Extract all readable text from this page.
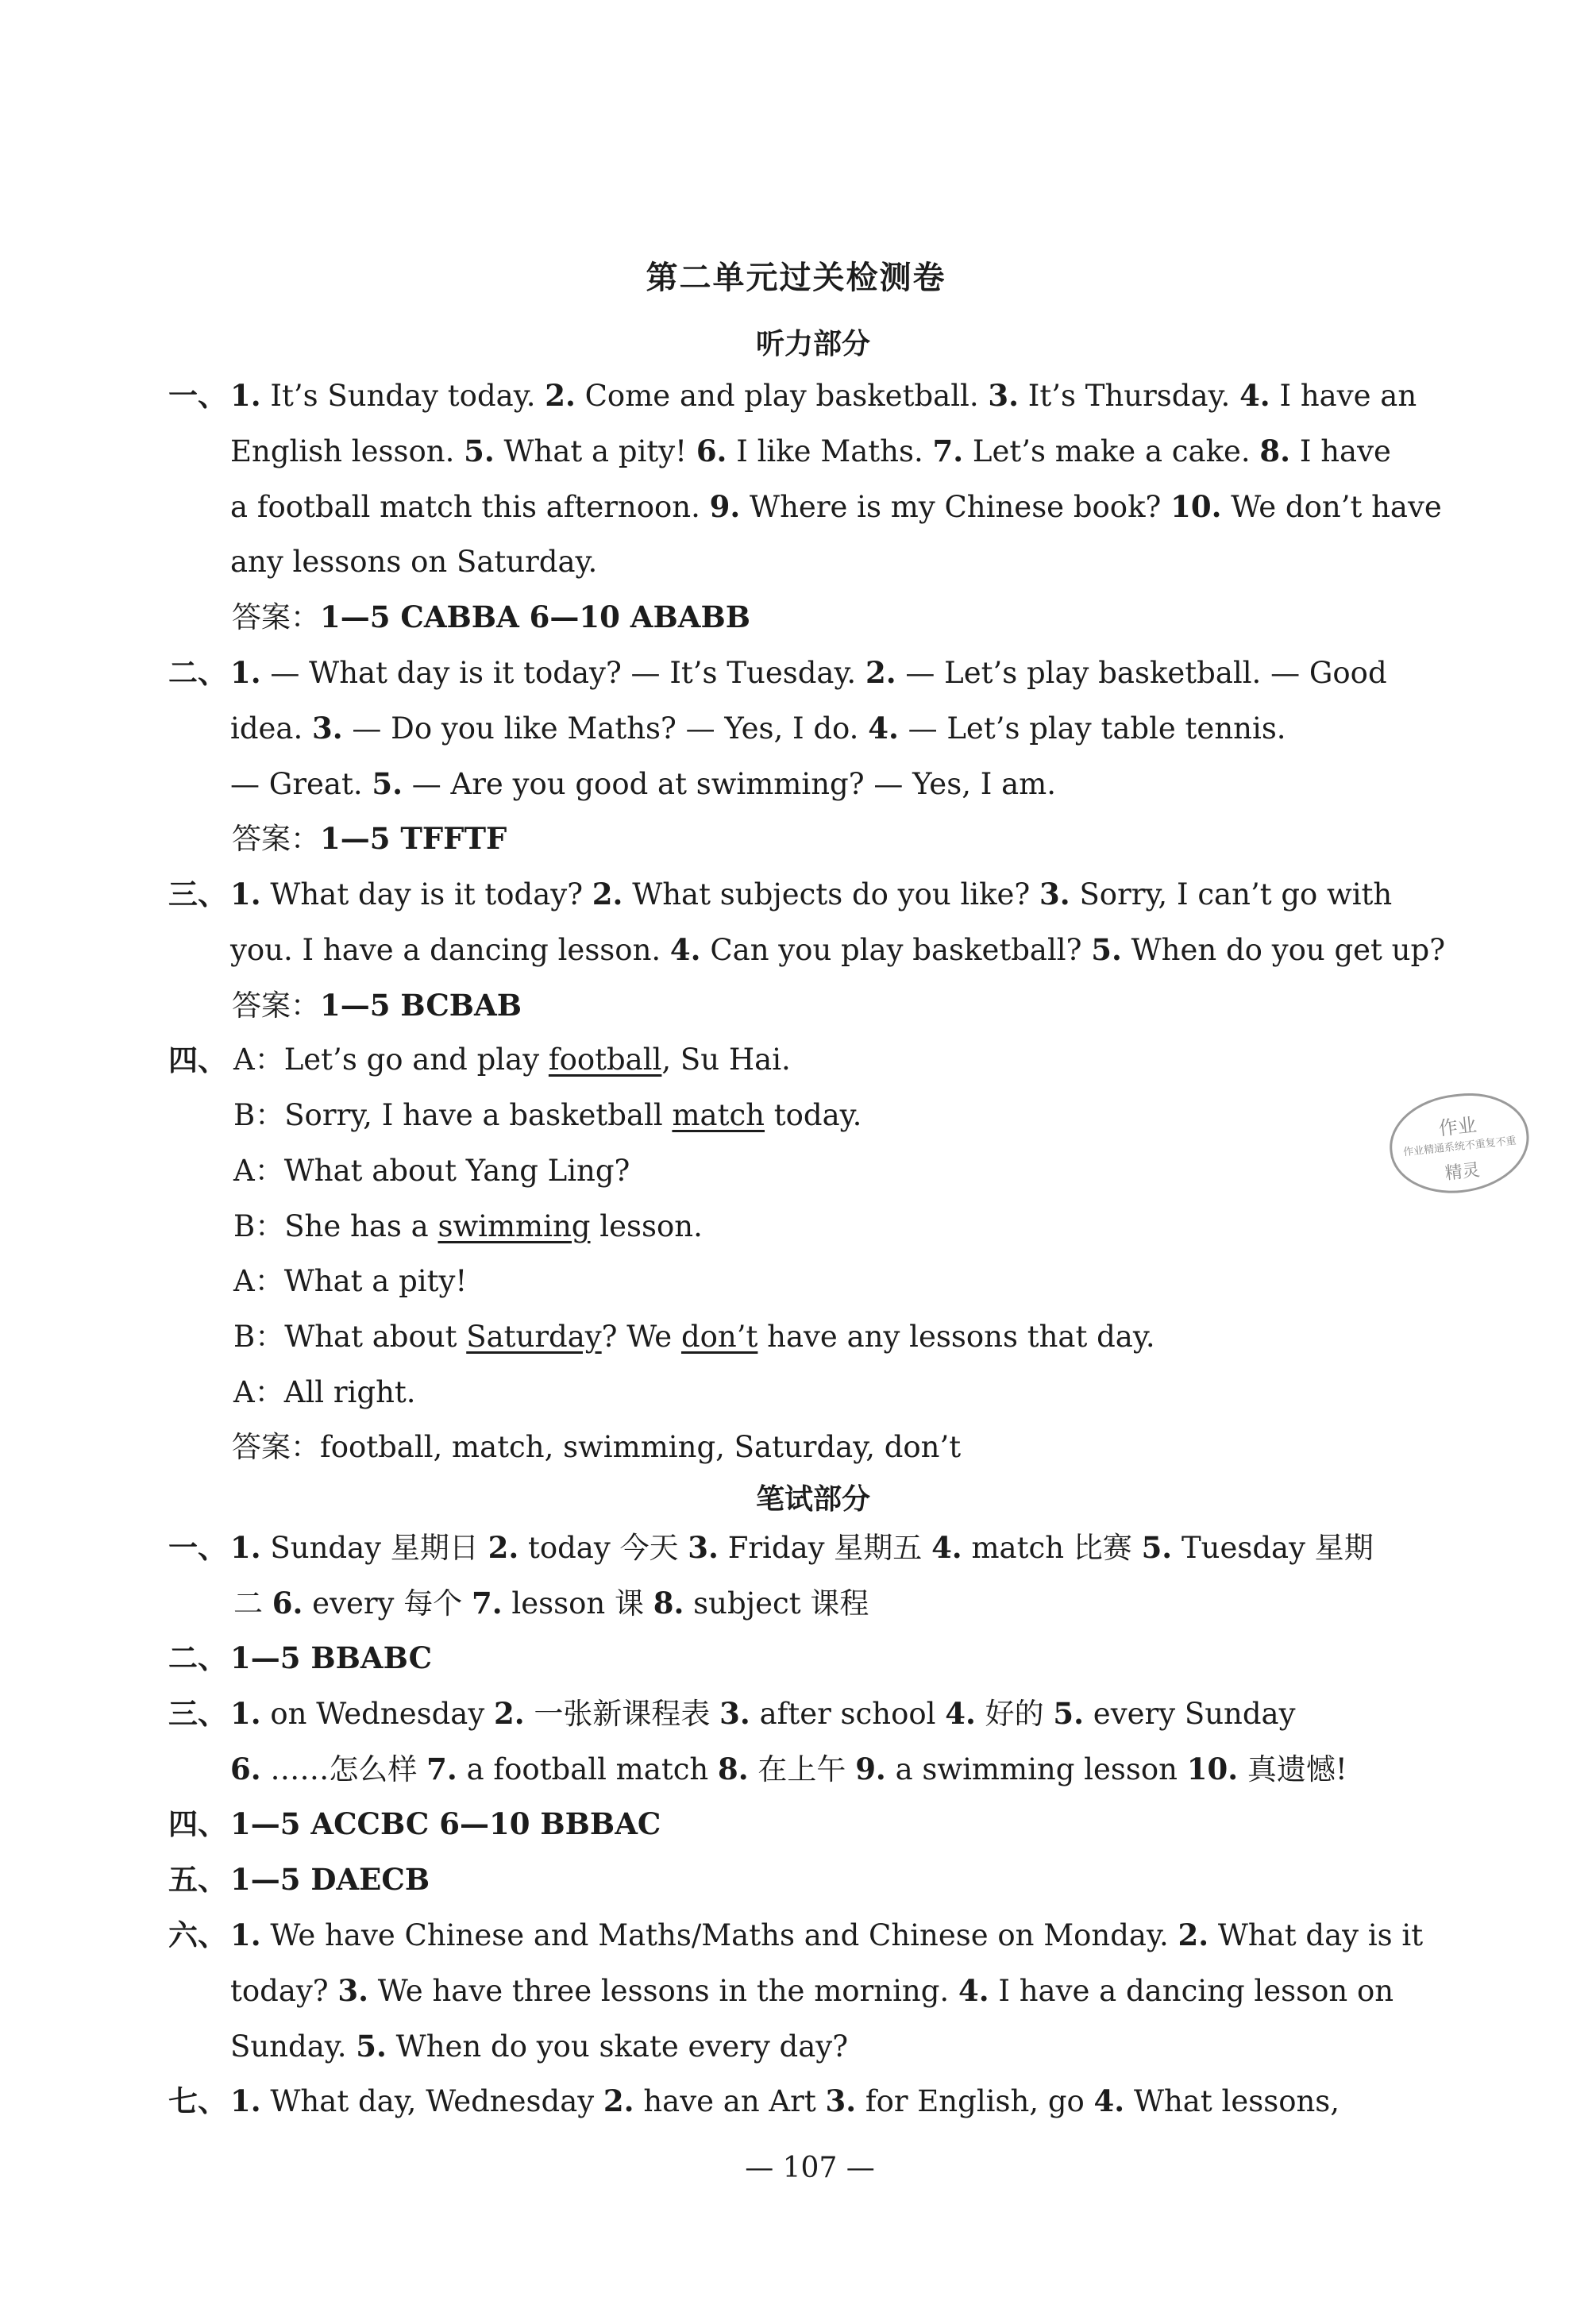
第二单元过关检测卷
听力部分
一、 1. It’s Sunday today. 2. Come and play basketball. 3. It’s Thursday. 4. I have an
English lesson. 5. What a pity! 6. I like Maths. 7. Let’s make a cake. 8. I have
a football match this afternoon. 9. Where is my Chinese book? 10. We don’t have
any lessons on Saturday.
答案：1—5 CABBA 6—10 ABABB
二、 1. — What day is it today? — It’s Tuesday. 2. — Let’s play basketball. — Good
idea. 3. — Do you like Maths? — Yes, I do. 4. — Let’s play table tennis.
— Great. 5. — Are you good at swimming? — Yes, I am.
答案：1—5 TFFTF
三、 1. What day is it today? 2. What subjects do you like? 3. Sorry, I can’t go with
you. I have a dancing lesson. 4. Can you play basketball? 5. When do you get up?
答案：1—5 BCBAB
四、 A：Let’s go and play football, Su Hai.
B：Sorry, I have a basketball match today.
A：What about Yang Ling?
B：She has a swimming lesson.
A：What a pity!
B：What about Saturday? We don’t have any lessons that day.
A：All right.
答案：football, match, swimming, Saturday, don’t
作业
作业精通系统不重复不重
精灵
笔试部分
一、 1. Sunday 星期日 2. today 今天 3. Friday 星期五 4. match 比赛 5. Tuesday 星期
二 6. every 每个 7. lesson 课 8. subject 课程
二、 1—5 BBABC
三、 1. on Wednesday 2. 一张新课程表 3. after school 4. 好的 5. every Sunday
6. ……怎么样 7. a football match 8. 在上午 9. a swimming lesson 10. 真遗憾!
四、 1—5 ACCBC 6—10 BBBAC
五、 1—5 DAECB
六、 1. We have Chinese and Maths/Maths and Chinese on Monday. 2. What day is it
today? 3. We have three lessons in the morning. 4. I have a dancing lesson on
Sunday. 5. When do you skate every day?
七、 1. What day, Wednesday 2. have an Art 3. for English, go 4. What lessons,
— 107 —
